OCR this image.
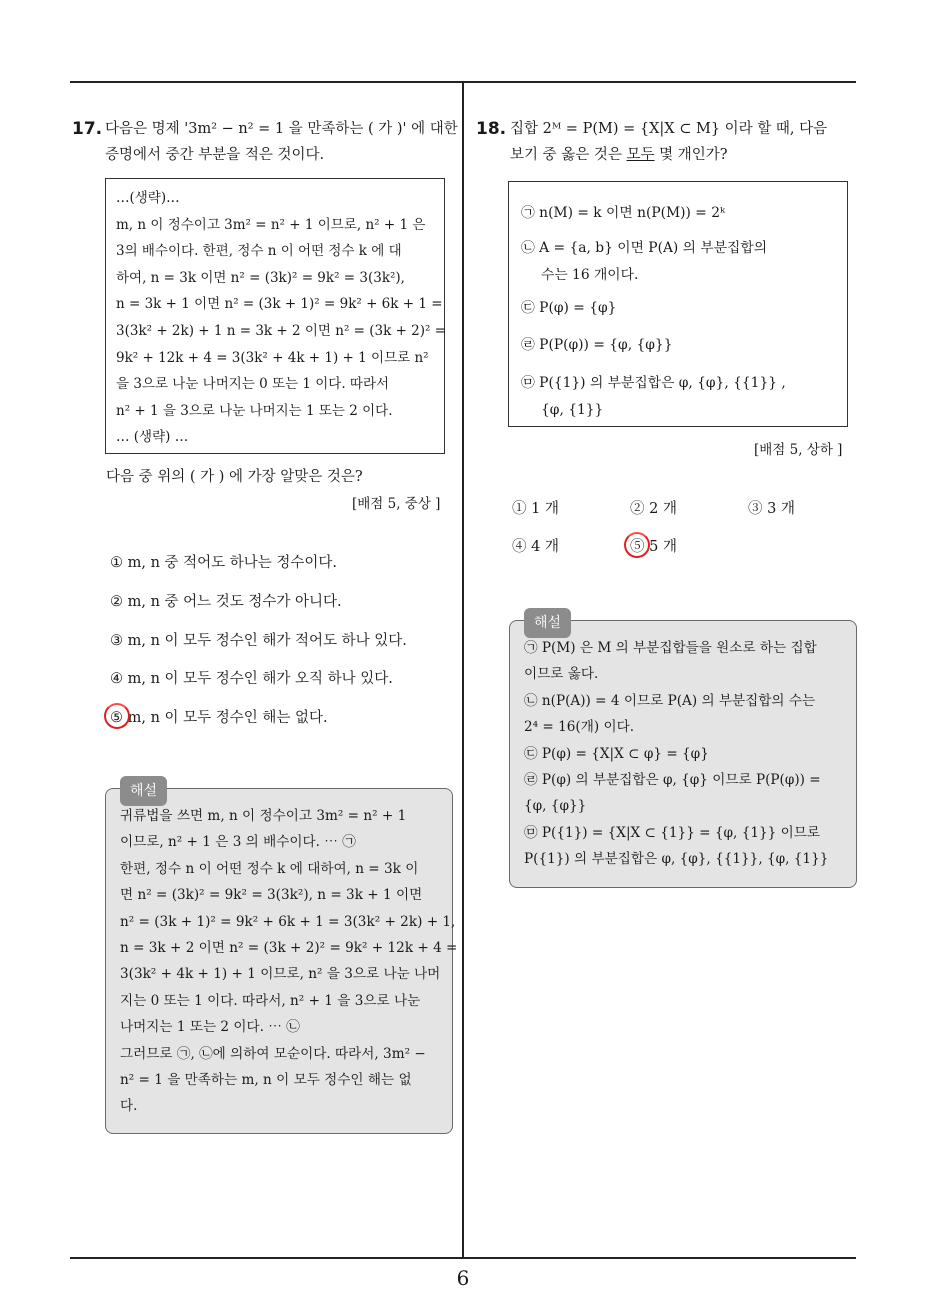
17. 다음은 명제 '3m² − n² = 1 을 만족하는 ( 가 )' 에 대한
증명에서 중간 부분을 적은 것이다.
…(생략)…
m, n 이 정수이고 3m² = n² + 1 이므로, n² + 1 은
3의 배수이다. 한편, 정수 n 이 어떤 정수 k 에 대
하여, n = 3k 이면 n² = (3k)² = 9k² = 3(3k²),
n = 3k + 1 이면 n² = (3k + 1)² = 9k² + 6k + 1 =
3(3k² + 2k) + 1 n = 3k + 2 이면 n² = (3k + 2)² =
9k² + 12k + 4 = 3(3k² + 4k + 1) + 1 이므로 n²
을 3으로 나눈 나머지는 0 또는 1 이다. 따라서
n² + 1 을 3으로 나눈 나머지는 1 또는 2 이다.
… (생략) …
다음 중 위의 ( 가 ) 에 가장 알맞은 것은?
[배점 5, 중상 ]
① m, n 중 적어도 하나는 정수이다.
② m, n 중 어느 것도 정수가 아니다.
③ m, n 이 모두 정수인 해가 적어도 하나 있다.
④ m, n 이 모두 정수인 해가 오직 하나 있다.
⑤ m, n 이 모두 정수인 해는 없다.
해설
귀류법을 쓰면 m, n 이 정수이고 3m² = n² + 1
이므로, n² + 1 은 3 의 배수이다. ⋯ ㉠
한편, 정수 n 이 어떤 정수 k 에 대하여, n = 3k 이
면 n² = (3k)² = 9k² = 3(3k²), n = 3k + 1 이면
n² = (3k + 1)² = 9k² + 6k + 1 = 3(3k² + 2k) + 1,
n = 3k + 2 이면 n² = (3k + 2)² = 9k² + 12k + 4 =
3(3k² + 4k + 1) + 1 이므로, n² 을 3으로 나눈 나머
지는 0 또는 1 이다. 따라서, n² + 1 을 3으로 나눈
나머지는 1 또는 2 이다. ⋯ ㉡
그러므로 ㉠, ㉡에 의하여 모순이다. 따라서, 3m² −
n² = 1 을 만족하는 m, n 이 모두 정수인 해는 없
다.
18. 집합 2ᴹ = P(M) = {X|X ⊂ M} 이라 할 때, 다음
보기 중 옳은 것은 모두 몇 개인가?
㉠ n(M) = k 이면 n(P(M)) = 2ᵏ
㉡ A = {a, b} 이면 P(A) 의 부분집합의
수는 16 개이다.
㉢ P(φ) = {φ}
㉣ P(P(φ)) = {φ, {φ}}
㉤ P({1}) 의 부분집합은 φ, {φ}, {{1}} ,
{φ, {1}}
[배점 5, 상하 ]
① 1 개	② 2 개	③ 3 개
④ 4 개	⑤ 5 개
해설
㉠ P(M) 은 M 의 부분집합들을 원소로 하는 집합
이므로 옳다.
㉡ n(P(A)) = 4 이므로 P(A) 의 부분집합의 수는
2⁴ = 16(개) 이다.
㉢ P(φ) = {X|X ⊂ φ} = {φ}
㉣ P(φ) 의 부분집합은 φ, {φ} 이므로 P(P(φ)) =
{φ, {φ}}
㉤ P({1}) = {X|X ⊂ {1}} = {φ, {1}} 이므로
P({1}) 의 부분집합은 φ, {φ}, {{1}}, {φ, {1}}
6
